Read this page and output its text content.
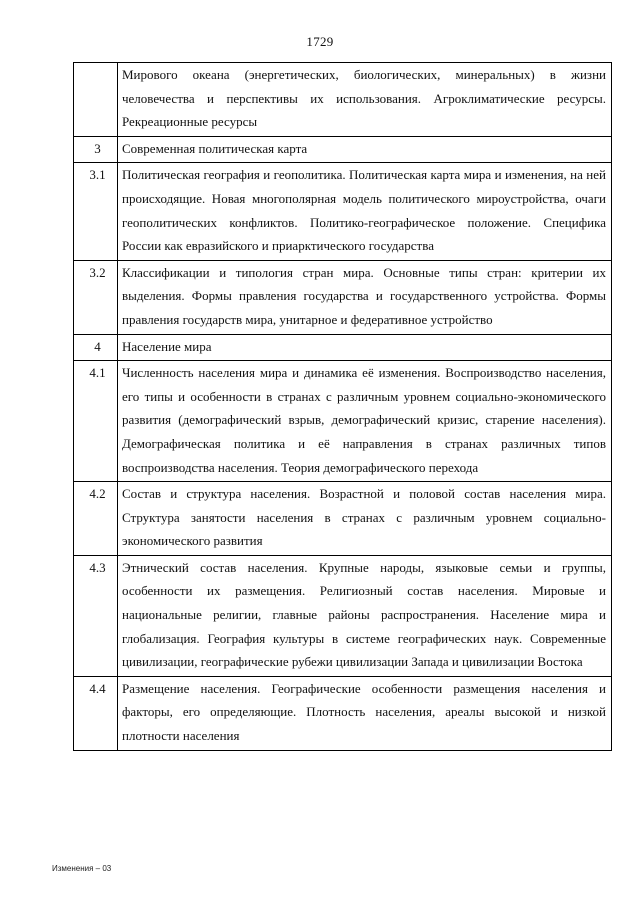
1729
	Мирового океана (энергетических, биологических, минеральных) в жизни человечества и перспективы их использования. Агроклиматические ресурсы. Рекреационные ресурсы
3	Современная политическая карта
3.1	Политическая география и геополитика. Политическая карта мира и изменения, на ней происходящие. Новая многополярная модель политического мироустройства, очаги геополитических конфликтов. Политико-географическое положение. Специфика России как евразийского и приарктического государства
3.2	Классификации и типология стран мира. Основные типы стран: критерии их выделения. Формы правления государства и государственного устройства. Формы правления государств мира, унитарное и федеративное устройство
4	Население мира
4.1	Численность населения мира и динамика её изменения. Воспроизводство населения, его типы и особенности в странах с различным уровнем социально-экономического развития (демографический взрыв, демографический кризис, старение населения). Демографическая политика и её направления в странах различных типов воспроизводства населения. Теория демографического перехода
4.2	Состав и структура населения. Возрастной и половой состав населения мира. Структура занятости населения в странах с различным уровнем социально-экономического развития
4.3	Этнический состав населения. Крупные народы, языковые семьи и группы, особенности их размещения. Религиозный состав населения. Мировые и национальные религии, главные районы распространения. Население мира и глобализация. География культуры в системе географических наук. Современные цивилизации, географические рубежи цивилизации Запада и цивилизации Востока
4.4	Размещение населения. Географические особенности размещения населения и факторы, его определяющие. Плотность населения, ареалы высокой и низкой плотности населения
Изменения – 03
